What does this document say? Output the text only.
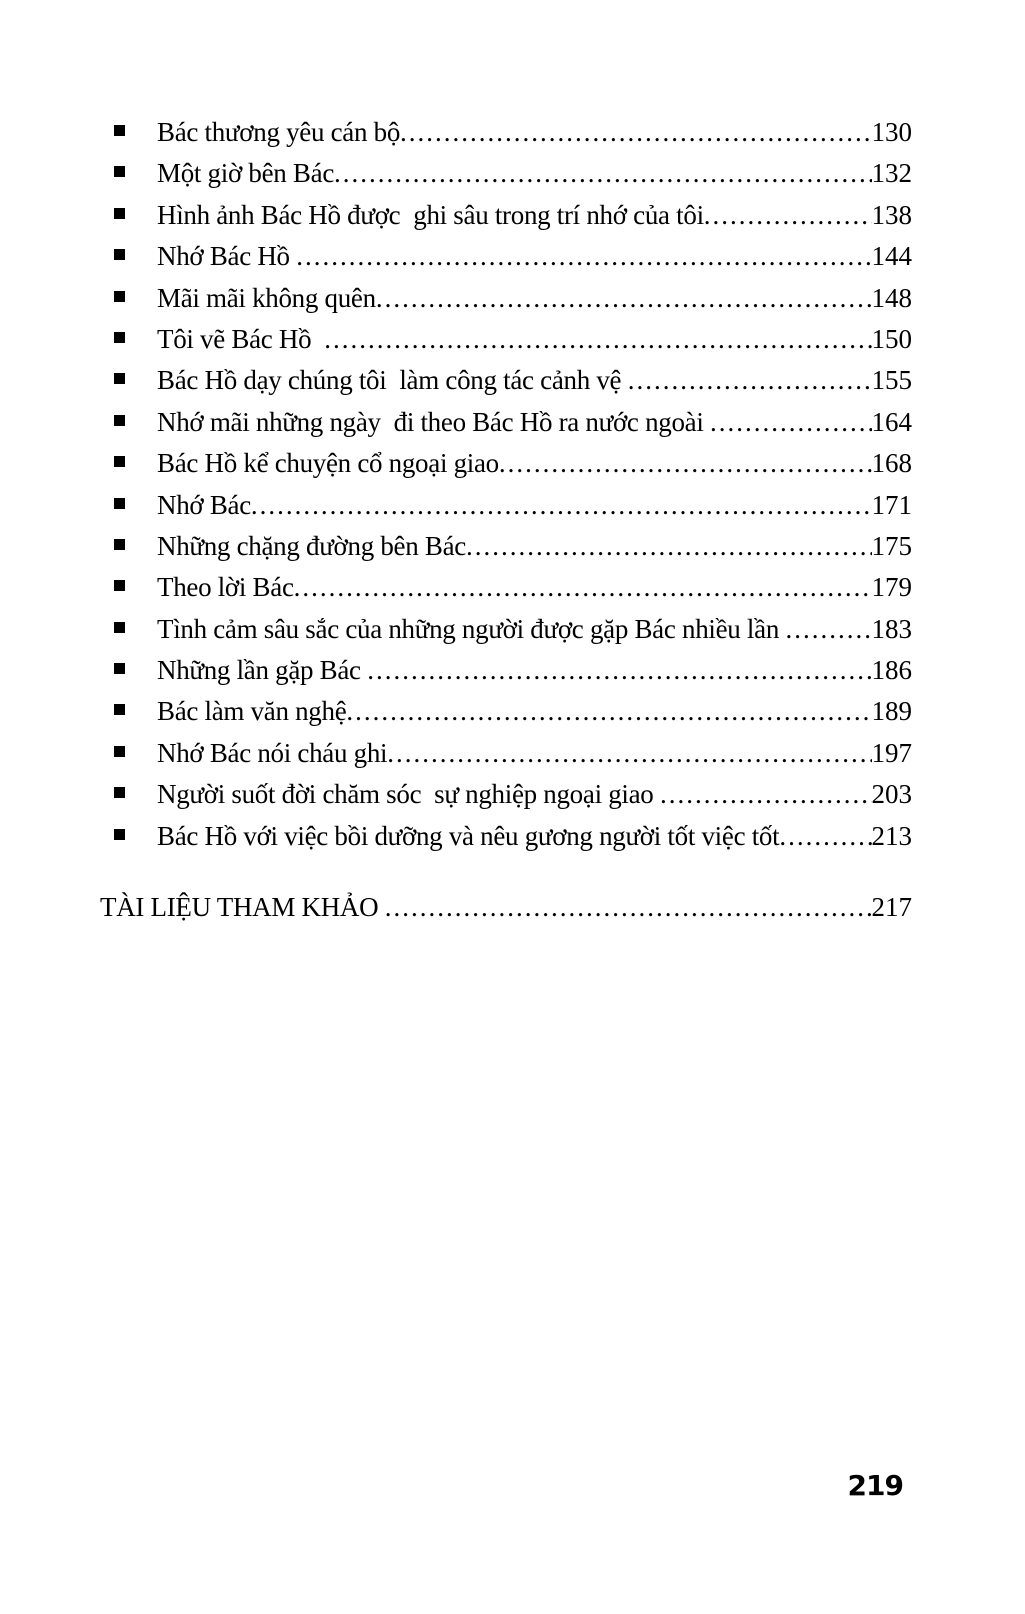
Bác thương yêu cán bộ .....	130
Một giờ bên Bác .....	132
Hình ảnh Bác Hồ được  ghi sâu trong trí nhớ của tôi .....	138
Nhớ Bác Hồ .....	144
Mãi mãi không quên .....	148
Tôi vẽ Bác Hồ .....	150
Bác Hồ dạy chúng tôi  làm công tác cảnh vệ .....	155
Nhớ mãi những ngày  đi theo Bác Hồ ra nước ngoài .....	164
Bác Hồ kể chuyện cổ ngoại giao .....	168
Nhớ Bác .....	171
Những chặng đường bên Bác .....	175
Theo lời Bác .....	179
Tình cảm sâu sắc của những người được gặp Bác nhiều lần .....	183
Những lần gặp Bác .....	186
Bác làm văn nghệ .....	189
Nhớ Bác nói cháu ghi .....	197
Người suốt đời chăm sóc  sự nghiệp ngoại giao .....	203
Bác Hồ với việc bồi dưỡng và nêu gương người tốt việc tốt .....	213
TÀI LIỆU THAM KHẢO .....	217
219
